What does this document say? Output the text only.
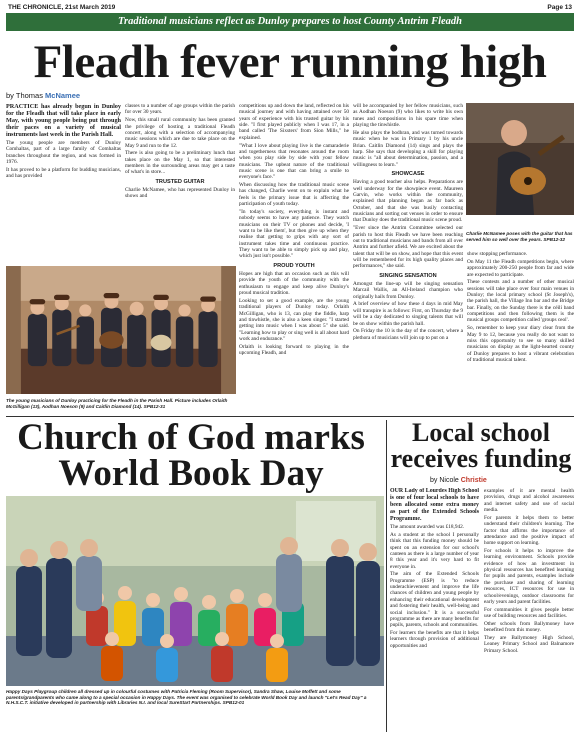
THE CHRONICLE, 21st March 2019	Page 13
Traditional musicians reflect as Dunloy prepares to host County Antrim Fleadh
Fleadh fever running high
by Thomas McNamee

PRACTICE has already begun in Dunloy for the Fleadh that will take place in early May, with young people being put through their paces on a variety of musical instruments last week in the Parish Hall.

The young people are members of Dunloy Comhaltas, part of a large family of Comhaltas branches throughout the region, and was formed in 1976.

It has proved to be a platform for budding musicians, and has provided

classes to a number of age groups within the parish for over 30 years.

Now, this small rural community has been granted the privilege of hosting a traditional Fleadh concert, along with a selection of accompanying music sessions which are due to take place on the May 9 and run to the 12.

There is also going to be a preliminary lunch that takes place on the May 1, so that interested members in the surrounding areas may get a taste of what's in store...

TRUSTED GUITAR

Charlie McNamee, who has represented Dunloy in shows and

competitions up and down the land, reflected on his musical journey and with having attained over 50 years of experience with his trusted guitar by his side. "I first played publicly when I was 17, in a band called 'The Sixsters' from Sion Mills," he explained.

"What I love about playing live is the camaraderie and togetherness that resonates around the room when you play side by side with your fellow musicians. The upbeat nature of the traditional music scene is one that can bring a smile to everyone's face."

When discussing how the traditional music scene has changed, Charlie went on to explain what he feels is the primary issue that is affecting the participation of youth today.

"In today's society, everything is instant and nobody seems to have any patience. They watch musicians on their TV or phones and decide, 'I want to be like them', but then give up when they realise that getting to grips with any sort of instrument takes time and continuous practice. They want to be able to simply pick up and play, which just isn't possible."

PROUD YOUTH

Hopes are high that an occasion such as this will provide the youth of the community with the enthusiasm to engage and keep alive Dunloy's proud musical tradition.

Looking to set a good example, are the young traditional players of Dunloy today. Orlaith McGilligan, who is 13, can play the fiddle, harp and tinwhistle, she is also a keen singer. "I started getting into music when I was about 5" she said. "Learning how to play or sing well is all about hard work and endurance."

Orlaith is looking forward to playing in the upcoming Fleadh, and

will be accompanied by her fellow musicians, such as Aodhan Noeson (9) who likes to write his own tunes and compositions in his spare time when playing the tinwhistle.

He also plays the bodhran, and was turned towards music when he was in Primary 1 by his uncle Brian. Caitlin Diamond (14) sings and plays the harp. She says that developing a skill for playing music is "all about determination, passion, and a willingness to learn."

SHOWCASE

Having a good teacher also helps. Preparations are well underway for the showpiece event. Maureen Garvin, who works within the community, explained that planning began as far back as October, and that she was busily contacting musicians and sorting out venues in order to ensure that Dunloy does the traditional music scene proud.

"Ever since the Antrim Committee selected our parish to host this Fleadh we have been reaching out to traditional musicians and bands from all over Antrim and further afield. We are excited about the talent that will be on show, and hope that this event will be remembered for its high quality places and performances," she said.

SINGING SENSATION

Amongst the line-up will be singing sensation Marcail Wallis, an All-Ireland champion who originally hails from Dunloy.

A brief overview of how these 4 days in mid May will transpire is as follows: First, on Thursday the 9 will be a day dedicated to singing talents that will be on show within the parish hall.

On Friday the 10 is the day of the concert, where a plethora of musicians will join up to put on a

show stopping performance.

On May 11 the Fleadh competitions begin, where approximately 200-250 people from far and wide are expected to participate.

These contests and a number of other musical sessions will take place over four main venues in Dunloy; the local primary school (St Joseph's), the parish hall, the Village Inn bar and the Bridge bar. Finally, on the Sunday there is the céilí band competitions and then following them is the musical groups competition called 'groups ceol'.

So, remember to keep your diary clear from the May 9 to 12, because you really do not want to miss this opportunity to see so many skilled musicians on display as the light-hearted county of Dunloy prepares to host a vibrant celebration of traditional musical talent.

Charlie McNamee poses with the guitar that has served him so well over the years. SPB12-32
Church of God marks World Book Day
Happy Days Playgroup children all dressed up in colourful costumes with Patricia Fleming (Room Supervisor), Sandra Shaw, Louise Moffett and some parents/grandparents who came along to a special occasion in Happy Days. The event was organised to celebrate World Book Day and launch "Let's Read Day" a N.H.S.C.T. initiative developed in partnership with Libraries N.I. and local SureStart Partnerships. SPB12-01
Local school receives funding
by Nicole Christie

OUR Lady of Lourdes High School is one of four local schools to have been allocated some extra money as part of the Extended Schools Programme.

The amount awarded was £18,942.

As a student at the school I personally think that this funding money should be spent on an extension for our school's canteen as there is a large number of year 8 this year and it's very hard to fit everyone in.

The aim of the Extended Schools Programme (ESP) is "to reduce underachievement and improve the life chances of children and young people by enhancing their educational development and fostering their health, well-being and social inclusion." It is a successful programme as there are many benefits for pupils, parents, schools and communities.

For learners the benefits are that it helps learners through provision of additional opportunities and

examples of it are mental health provision, drugs and alcohol awareness and internet safety and use of social media.

For parents it helps them to better understand their children's learning. The factor that affirms the importance of attendance and the positive impact of home support on learning.

For schools it helps to improve the learning environment. Schools provide evidence of how an investment in physical resources has benefited learning for pupils and parents, examples include the purchase and sharing of learning resources, ICT resources for use in school/evenings, outdoor classrooms for early years and parent facilities.

For communities it gives people better use of building resources and facilities.

Other schools from Ballymoney have benefited from this money.

They are Ballymoney High School, Leaney Primary School and Balnamore Primary School.

The young musicians of Dunloy practicing for the Fleadh in the Parish Hall. Picture includes Orlaith McGilligan (13), Aodhan Noeson (9) and Caitlin Diamond (14). SPB12-31
